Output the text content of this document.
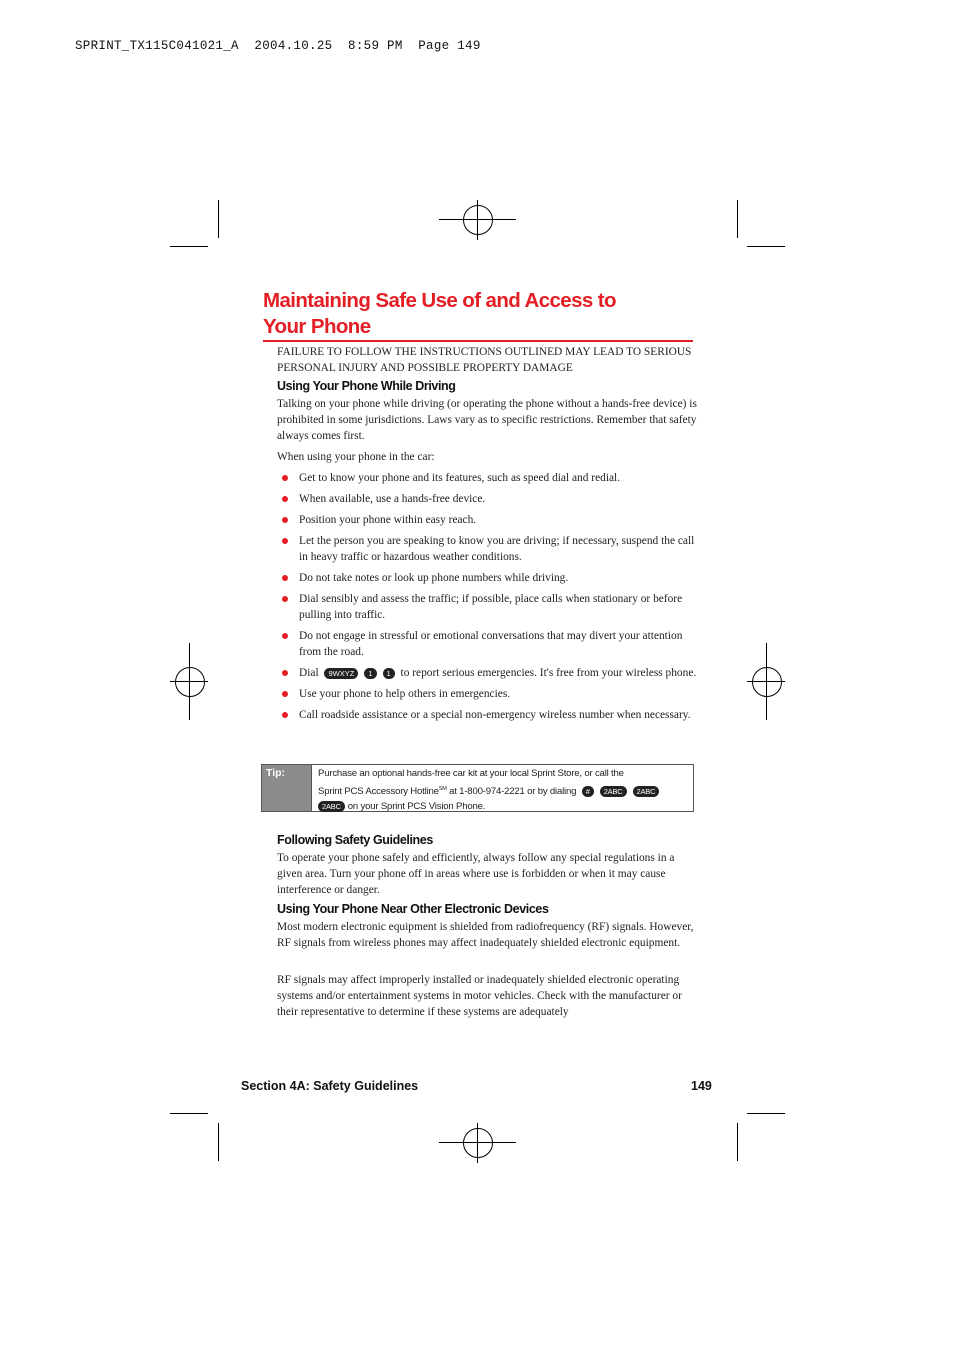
SPRINT_TX115C041021_A  2004.10.25  8:59 PM  Page 149
Maintaining Safe Use of and Access to
Your Phone
FAILURE TO FOLLOW THE INSTRUCTIONS OUTLINED MAY LEAD TO SERIOUS PERSONAL INJURY AND POSSIBLE PROPERTY DAMAGE
Using Your Phone While Driving
Talking on your phone while driving (or operating the phone without a hands-free device) is prohibited in some jurisdictions. Laws vary as to specific restrictions. Remember that safety always comes first.
When using your phone in the car:
Get to know your phone and its features, such as speed dial and redial.
When available, use a hands-free device.
Position your phone within easy reach.
Let the person you are speaking to know you are driving; if necessary, suspend the call in heavy traffic or hazardous weather conditions.
Do not take notes or look up phone numbers while driving.
Dial sensibly and assess the traffic; if possible, place calls when stationary or before pulling into traffic.
Do not engage in stressful or emotional conversations that may divert your attention from the road.
Dial 9WXYZ 1 1 to report serious emergencies. It's free from your wireless phone.
Use your phone to help others in emergencies.
Call roadside assistance or a special non-emergency wireless number when necessary.
Tip:	Purchase an optional hands-free car kit at your local Sprint Store, or call the
Sprint PCS Accessory Hotline℠ at 1-800-974-2221 or by dialing # 2ABC 2ABC
2ABC on your Sprint PCS Vision Phone.
Following Safety Guidelines
To operate your phone safely and efficiently, always follow any special regulations in a given area. Turn your phone off in areas where use is forbidden or when it may cause interference or danger.
Using Your Phone Near Other Electronic Devices
Most modern electronic equipment is shielded from radiofrequency (RF) signals. However, RF signals from wireless phones may affect inadequately shielded electronic equipment.
RF signals may affect improperly installed or inadequately shielded electronic operating systems and/or entertainment systems in motor vehicles. Check with the manufacturer or their representative to determine if these systems are adequately
Section 4A: Safety Guidelines	149
